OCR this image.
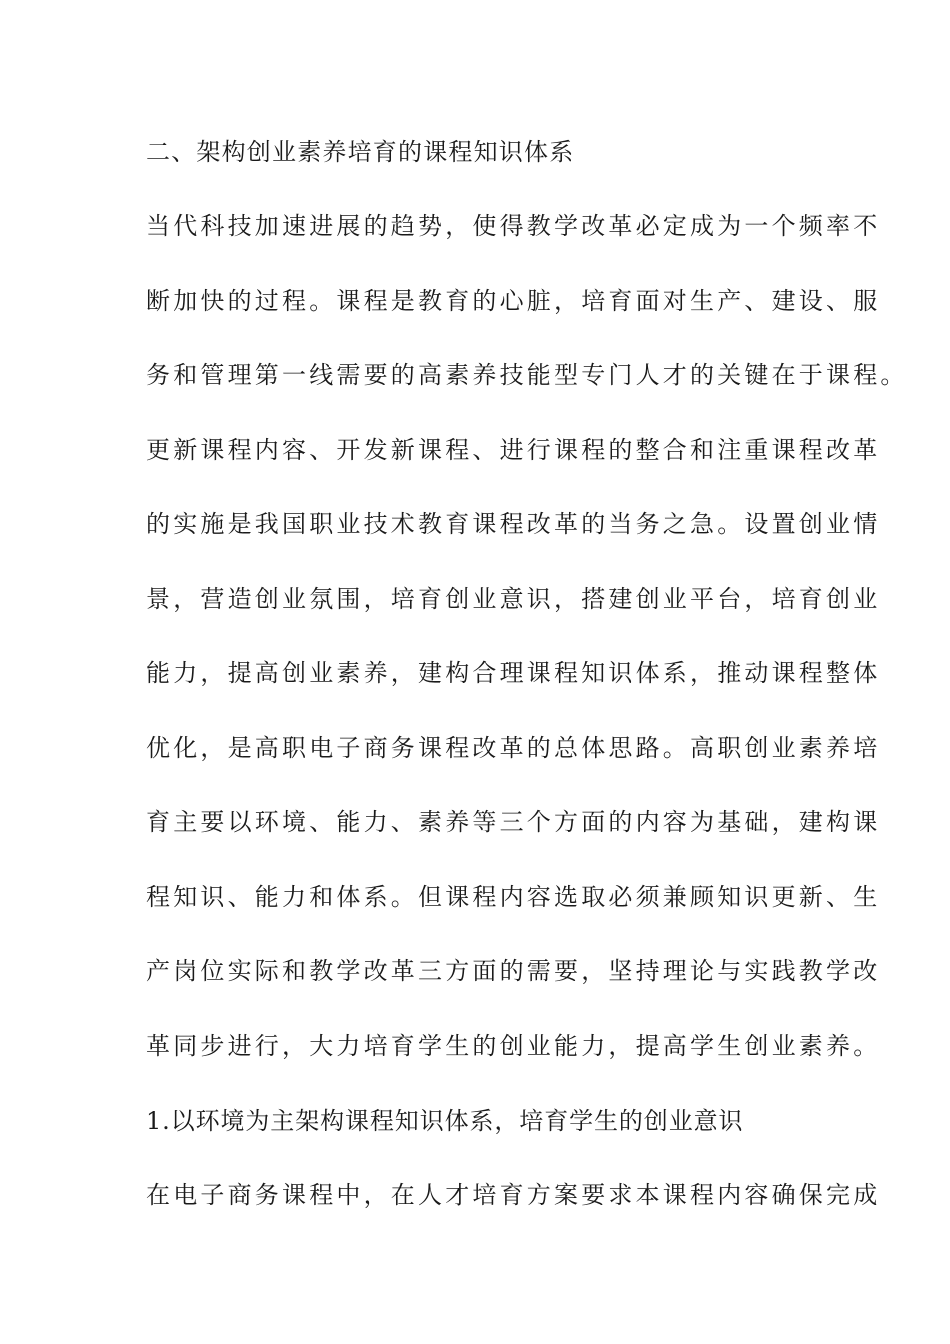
二、架构创业素养培育的课程知识体系
当代科技加速进展的趋势，使得教学改革必定成为一个频率不
断加快的过程。课程是教育的心脏，培育面对生产、建设、服
务和管理第一线需要的高素养技能型专门人才的关键在于课程。
更新课程内容、开发新课程、进行课程的整合和注重课程改革
的实施是我国职业技术教育课程改革的当务之急。设置创业情
景，营造创业氛围，培育创业意识，搭建创业平台，培育创业
能力，提高创业素养，建构合理课程知识体系，推动课程整体
优化，是高职电子商务课程改革的总体思路。高职创业素养培
育主要以环境、能力、素养等三个方面的内容为基础，建构课
程知识、能力和体系。但课程内容选取必须兼顾知识更新、生
产岗位实际和教学改革三方面的需要，坚持理论与实践教学改
革同步进行，大力培育学生的创业能力，提高学生创业素养。
1.以环境为主架构课程知识体系，培育学生的创业意识
在电子商务课程中，在人才培育方案要求本课程内容确保完成
